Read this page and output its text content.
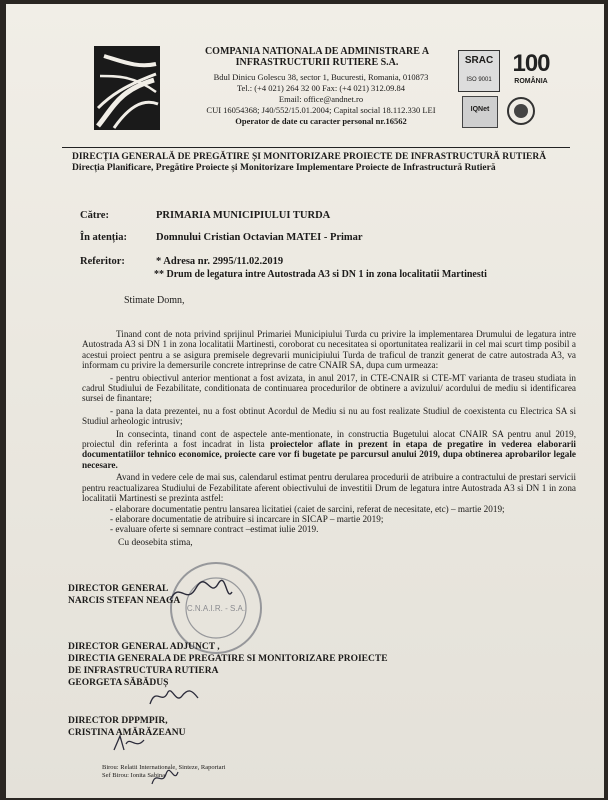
COMPANIA NATIONALA DE ADMINISTRARE A
INFRASTRUCTURII RUTIERE S.A.
Bdul Dinicu Golescu 38, sector 1, Bucuresti, Romania, 010873
Tel.: (+4 021) 264 32 00 Fax: (+4 021) 312.09.84
Email: office@andnet.ro
CUI 16054368; J40/552/15.01.2004; Capital social 18.112.330 LEI
Operator de date cu caracter personal nr.16562
SRAC
ISO 9001
100
ROMÂNIA
IQNet
DIRECȚIA GENERALĂ DE PREGĂTIRE ȘI MONITORIZARE PROIECTE DE INFRASTRUCTURĂ RUTIERĂ
Direcția Planificare, Pregătire Proiecte și Monitorizare Implementare Proiecte de Infrastructură Rutieră
Către:	PRIMARIA MUNICIPIULUI TURDA
În atenția:	Domnului Cristian Octavian MATEI - Primar
Referitor:	* Adresa nr. 2995/11.02.2019
** Drum de legatura intre Autostrada A3 si DN 1 in zona localitatii Martinesti
Stimate Domn,

Tinand cont de nota privind sprijinul Primariei Municipiului Turda cu privire la implementarea Drumului de legatura intre Autostrada A3 si DN 1 in zona localitatii Martinesti, coroborat cu necesitatea si oportunitatea realizarii in cel mai scurt timp posibil a acestui proiect pentru a se asigura premisele degrevarii municipiului Turda de traficul de tranzit generat de catre autostrada A3, va informam cu privire la demersurile concrete intreprinse de catre CNAIR SA, dupa cum urmeaza:

- pentru obiectivul anterior mentionat a fost avizata, in anul 2017, in CTE-CNAIR si CTE-MT varianta de traseu studiata in cadrul Studiului de Fezabilitate, conditionata de continuarea procedurilor de obtinere a avizului/ acordului de mediu si identificarea sursei de finantare;

- pana la data prezentei, nu a fost obtinut Acordul de Mediu si nu au fost realizate Studiul de coexistenta cu Electrica SA si Studiul arheologic intrusiv;

In consecinta, tinand cont de aspectele ante-mentionate, in constructia Bugetului alocat CNAIR SA pentru anul 2019, proiectul din referinta a fost incadrat in lista proiectelor aflate in prezent in etapa de pregatire in vederea elaborarii documentatiilor tehnico economice, proiecte care vor fi bugetate pe parcursul anului 2019, dupa obtinerea aprobarilor legale necesare.

Avand in vedere cele de mai sus, calendarul estimat pentru derularea procedurii de atribuire a contractului de prestari servicii pentru reactualizarea Studiului de Fezabilitate aferent obiectivului de investitii Drum de legatura intre Autostrada A3 si DN 1 in zona localitatii Martinesti se prezinta astfel:

- elaborare documentatie pentru lansarea licitatiei (caiet de sarcini, referat de necesitate, etc) – martie 2019;

- elaborare documentatie de atribuire si incarcare in SICAP – martie 2019;

- evaluare oferte si semnare contract –estimat iulie 2019.

Cu deosebita stima,
C.N.A.I.R. - S.A.
DIRECTOR GENERAL
NARCIS STEFAN NEAGA
DIRECTOR GENERAL ADJUNCT ,
DIRECTIA GENERALA DE PREGATIRE SI MONITORIZARE PROIECTE
DE INFRASTRUCTURA RUTIERA
GEORGETA SĂBĂDUȘ
DIRECTOR DPPMPIR,
CRISTINA AMĂRĂZEANU
Birou: Relatii Internationale, Sinteze, Raportari
Sef Birou: Ionita Sabina
